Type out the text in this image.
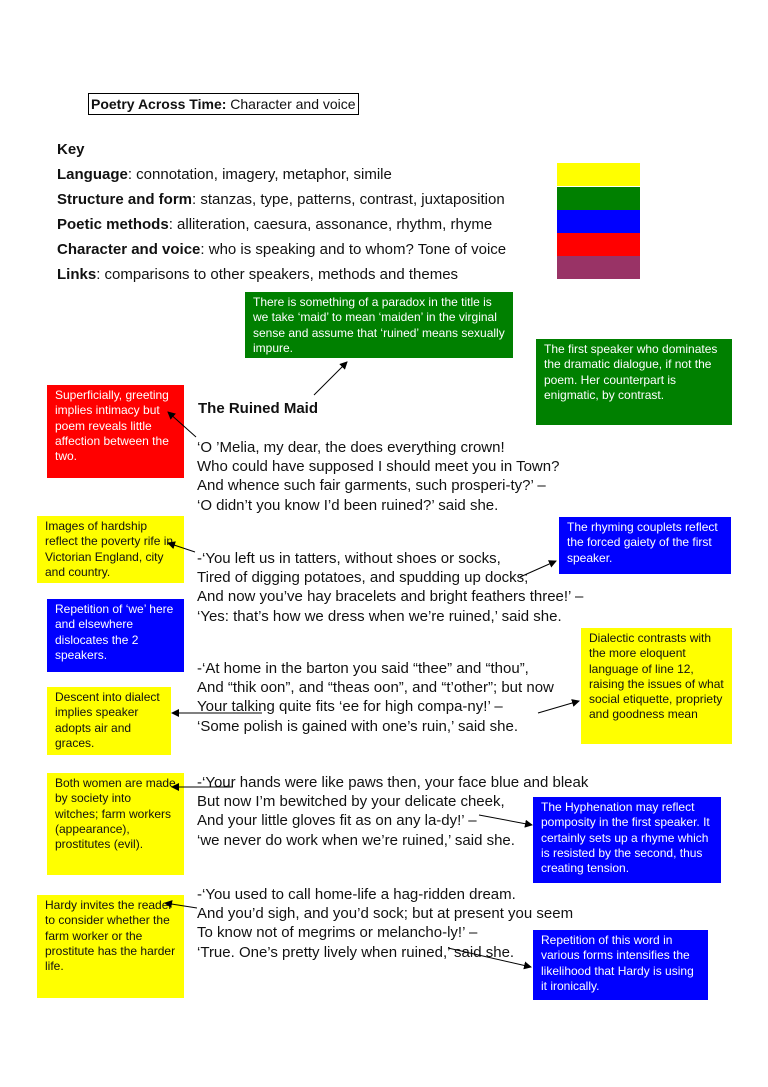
Poetry Across Time: Character and voice
Key
Language: connotation, imagery, metaphor, simile
Structure and form: stanzas, type, patterns, contrast, juxtaposition
Poetic methods: alliteration, caesura, assonance, rhythm, rhyme
Character and voice: who is speaking and to whom? Tone of voice
Links: comparisons to other speakers, methods and themes
The Ruined Maid
‘O ’Melia, my dear, the does everything crown!
Who could have supposed I should meet you in Town?
And whence such fair garments, such prosperi-ty?’ –
‘O didn’t you know I’d been ruined?’ said she.
-‘You left us in tatters, without shoes or socks,
Tired of digging potatoes, and spudding up docks;
And now you’ve hay bracelets and bright feathers three!’ –
‘Yes: that’s how we dress when we’re ruined,’ said she.
-‘At home in the barton you said “thee” and “thou”,
And “thik oon”, and “theas oon”, and “t’other”; but now
Your talking quite fits ‘ee for high compa-ny!’ –
‘Some polish is gained with one’s ruin,’ said she.
-‘Your hands were like paws then, your face blue and bleak
But now I’m bewitched by your delicate cheek,
And your little gloves fit as on any la-dy!’ –
‘we never do work when we’re ruined,’ said she.
-‘You used to call home-life a hag-ridden dream.
And you’d sigh, and you’d sock; but at present you seem
To know not of megrims or melancho-ly!’ –
‘True. One’s pretty lively when ruined,’ said she.
There is something of a paradox in the title is we take ‘maid’ to mean ‘maiden’ in the virginal sense and assume that ‘ruined’ means sexually impure.	The first speaker who dominates the dramatic dialogue, if not the poem. Her counterpart is enigmatic, by contrast.
Superficially, greeting implies intimacy but poem reveals little affection between the two.
Images of hardship reflect the poverty rife in Victorian England, city and country.
The rhyming couplets reflect the forced gaiety of the first speaker.
Repetition of ‘we’ here and elsewhere dislocates the 2 speakers.
Dialectic contrasts with the more eloquent language of line 12, raising the issues of what social etiquette, propriety and goodness mean
Descent into dialect implies speaker adopts air and graces.
Both women are made by society into witches; farm workers (appearance), prostitutes (evil).
The Hyphenation may reflect pomposity in the first speaker. It certainly sets up a rhyme which is resisted by the second, thus creating tension.
Hardy invites the reader to consider whether the farm worker or the prostitute has the harder life.
Repetition of this word in various forms intensifies the likelihood that Hardy is using it ironically.
